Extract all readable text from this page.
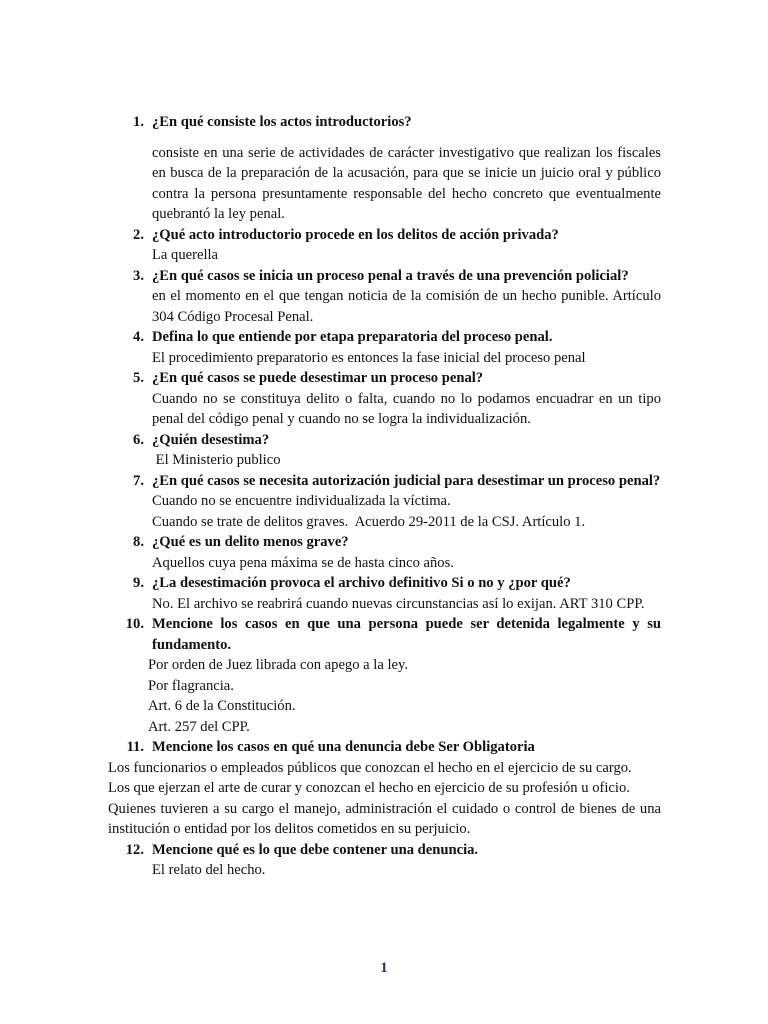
1. ¿En qué consiste los actos introductorios?
consiste en una serie de actividades de carácter investigativo que realizan los fiscales en busca de la preparación de la acusación, para que se inicie un juicio oral y público contra la persona presuntamente responsable del hecho concreto que eventualmente quebrantó la ley penal.
2. ¿Qué acto introductorio procede en los delitos de acción privada?
La querella
3. ¿En qué casos se inicia un proceso penal a través de una prevención policial?
en el momento en el que tengan noticia de la comisión de un hecho punible. Artículo 304 Código Procesal Penal.
4. Defina lo que entiende por etapa preparatoria del proceso penal.
El procedimiento preparatorio es entonces la fase inicial del proceso penal
5. ¿En qué casos se puede desestimar un proceso penal?
Cuando no se constituya delito o falta, cuando no lo podamos encuadrar en un tipo penal del código penal y cuando no se logra la individualización.
6. ¿Quién desestima?
El Ministerio publico
7. ¿En qué casos se necesita autorización judicial para desestimar un proceso penal?
Cuando no se encuentre individualizada la víctima.
Cuando se trate de delitos graves.  Acuerdo 29-2011 de la CSJ. Artículo 1.
8. ¿Qué es un delito menos grave?
Aquellos cuya pena máxima se de hasta cinco años.
9. ¿La desestimación provoca el archivo definitivo Si o no y ¿por qué?
No. El archivo se reabrirá cuando nuevas circunstancias así lo exijan. ART 310 CPP.
10. Mencione los casos en que una persona puede ser detenida legalmente y su fundamento.
Por orden de Juez librada con apego a la ley.
Por flagrancia.
Art. 6 de la Constitución.
Art. 257 del CPP.
11. Mencione los casos en qué una denuncia debe Ser Obligatoria
Los funcionarios o empleados públicos que conozcan el hecho en el ejercicio de su cargo.
Los que ejerzan el arte de curar y conozcan el hecho en ejercicio de su profesión u oficio.
Quienes tuvieren a su cargo el manejo, administración el cuidado o control de bienes de una institución o entidad por los delitos cometidos en su perjuicio.
12. Mencione qué es lo que debe contener una denuncia.
El relato del hecho.
1
